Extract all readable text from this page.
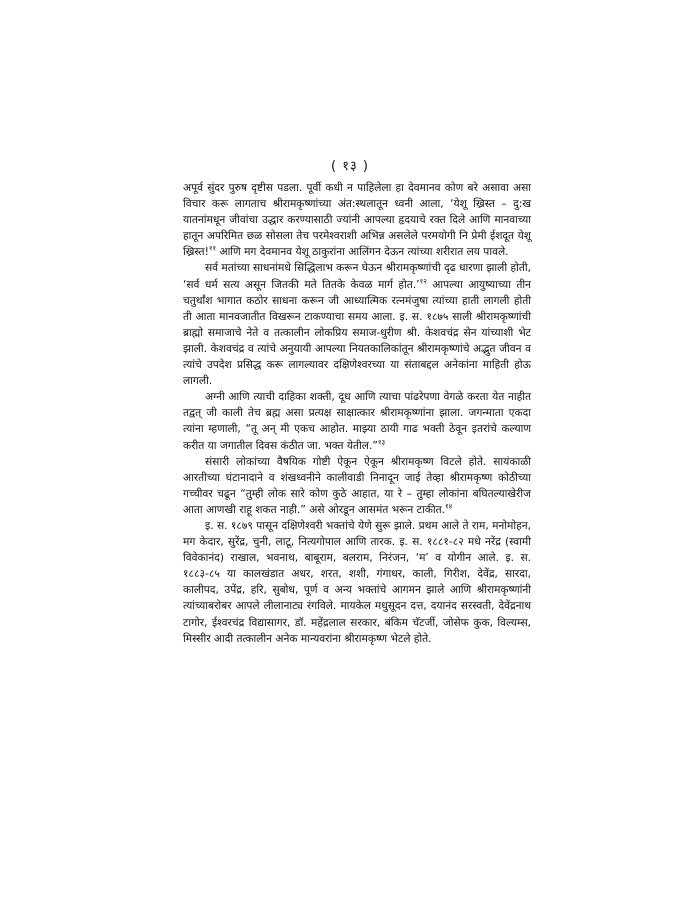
( १३ )

अपूर्व सुंदर पुरुष दृष्टीस पडला. पूर्वी कधी न पाहिलेला हा देवमानव कोण बरे असावा असा विचार करू लागताच श्रीरामकृष्णांच्या अंत:स्थलातून ध्वनी आला, ‘येशू ख्रिस्त – दु:ख यातनांमधून जीवांचा उद्धार करण्यासाठी ज्यांनी आपल्या हृदयाचे रक्त दिले आणि मानवाच्या हातून अपरिमित छळ सोसला तेच परमेश्वराशी अभिन्न असलेले परमयोगी नि प्रेमी ईशदूत येशू ख्रिस्त!$^{११}$ आणि मग देवमानव येशू ठाकुरांना आलिंगन देऊन त्यांच्या शरीरात लय पावले.

सर्व मतांच्या साधनांमधे सिद्धिलाभ करून घेऊन श्रीरामकृष्णांची दृढ धारणा झाली होती, ‘सर्व धर्म सत्य असून जितकी मते तितके केवळ मार्ग होत.’$^{१२}$ आपल्या आयुष्याच्या तीन चतुर्थांश भागात कठोर साधना करून जी आध्यात्मिक रत्नमंजुषा त्यांच्या हाती लागली होती ती आता मानवजातीत विखरून टाकण्याचा समय आला. इ. स. १८७५ साली श्रीरामकृष्णांची ब्राह्मो समाजाचे नेते व तत्कालीन लोकप्रिय समाज-धुरीण श्री. केशवचंद्र सेन यांच्याशी भेट झाली. केशवचंद्र व त्यांचे अनुयायी आपल्या नियतकालिकांतून श्रीरामकृष्णांचे अद्भुत जीवन व त्यांचे उपदेश प्रसिद्ध करू लागल्यावर दक्षिणेश्वरच्या या संताबद्दल अनेकांना माहिती होऊ लागली.

अग्नी आणि त्याची दाहिका शक्ती, दूध आणि त्याचा पांढरेपणा वेगळे करता येत नाहीत तद्वत् जी काली तेच ब्रह्म असा प्रत्यक्ष साक्षात्कार श्रीरामकृष्णांना झाला. जगन्माता एकदा त्यांना म्हणाली, “तू अन् मी एकच आहोत. माझ्या ठायी गाढ भक्ती ठेवून इतरांचे कल्याण करीत या जगातील दिवस कंठीत जा. भक्त येतील.”$^{१३}$

संसारी लोकांच्या वैषयिक गोष्टी ऐकून ऐकून श्रीरामकृष्ण विटले होते. सायंकाळी आरतीच्या घंटानादाने व शंखध्वनीने कालीवाडी निनादून जाई तेव्हा श्रीरामकृष्ण कोठीच्या गच्चीवर चढून “तुम्ही लोक सारे कोण कुठे आहात, या रे – तुम्हा लोकांना बघितल्याखेरीज आता आणखी राहू शकत नाही.” असे ओरडून आसमंत भरून टाकीत.$^{१४}$

इ. स. १८७९ पासून दक्षिणेश्वरी भक्तांचे येणे सुरू झाले. प्रथम आले ते राम, मनोमोहन, मग केदार, सुरेंद्र, चुनी, लाटू, नित्यगोपाल आणि तारक. इ. स. १८८१-८२ मधे नरेंद्र (स्वामी विवेकानंद) राखाल, भवनाथ, बाबूराम, बलराम, निरंजन, ‘म’ व योगीन आले. इ. स. १८८३-८५ या कालखंडात अधर, शरत, शशी, गंगाधर, काली, गिरीश, देवेंद्र, सारदा, कालीपद, उपेंद्र, हरि, सुबोध, पूर्ण व अन्य भक्तांचे आगमन झाले आणि श्रीरामकृष्णांनी त्यांच्याबरोबर आपले लीलानाट्य रंगविले. मायकेल मधुसूदन दत्त, दयानंद सरस्वती, देवेंद्रनाथ टागोर, ईश्वरचंद्र विद्यासागर, डॉ. महेंद्रलाल सरकार, बंकिम चॅटर्जी, जोसेफ कुक, विल्यम्स, मिस्सीर आदी तत्कालीन अनेक मान्यवरांना श्रीरामकृष्ण भेटले होते.
